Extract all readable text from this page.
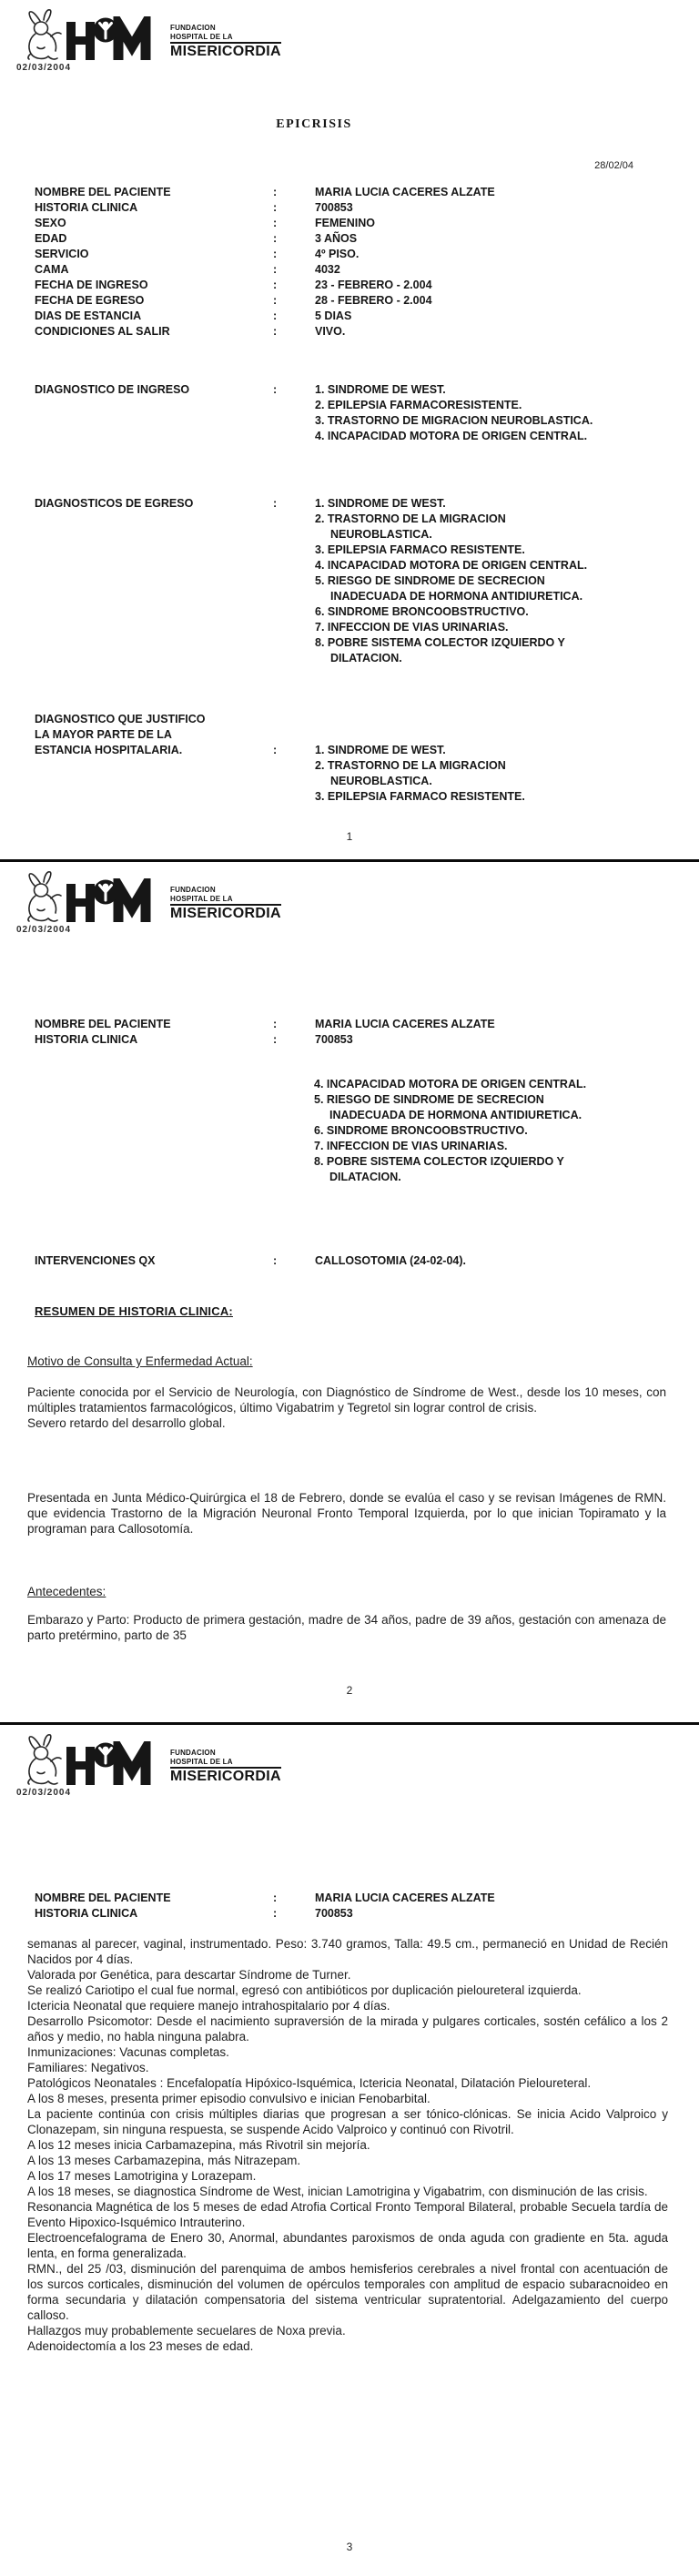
FUNDACION
HOSPITAL DE LA
MISERICORDIA
02/03/2004
EPICRISIS
28/02/04
NOMBRE DEL PACIENTE	:	MARIA LUCIA CACERES ALZATE
HISTORIA CLINICA	:	700853
SEXO	:	FEMENINO
EDAD	:	3 AÑOS
SERVICIO	:	4º PISO.
CAMA	:	4032
FECHA DE INGRESO	:	23 - FEBRERO - 2.004
FECHA DE EGRESO	:	28 - FEBRERO - 2.004
DIAS DE ESTANCIA	:	5 DIAS
CONDICIONES AL SALIR	:	VIVO.
DIAGNOSTICO DE INGRESO	:	1. SINDROME DE WEST.
2. EPILEPSIA FARMACORESISTENTE.
3. TRASTORNO DE MIGRACION NEUROBLASTICA.
4. INCAPACIDAD MOTORA DE ORIGEN CENTRAL.
DIAGNOSTICOS DE EGRESO	:	1. SINDROME DE WEST.
2. TRASTORNO DE LA MIGRACION NEUROBLASTICA.
3. EPILEPSIA FARMACO RESISTENTE.
4. INCAPACIDAD MOTORA DE ORIGEN CENTRAL.
5. RIESGO DE SINDROME DE SECRECION INADECUADA DE HORMONA ANTIDIURETICA.
6. SINDROME BRONCOOBSTRUCTIVO.
7. INFECCION DE VIAS URINARIAS.
8. POBRE SISTEMA COLECTOR IZQUIERDO Y DILATACION.
DIAGNOSTICO QUE JUSTIFICO
LA MAYOR PARTE DE LA
ESTANCIA HOSPITALARIA.	:	1. SINDROME DE WEST.
2. TRASTORNO DE LA MIGRACION NEUROBLASTICA.
3. EPILEPSIA FARMACO RESISTENTE.
1
FUNDACION
HOSPITAL DE LA
MISERICORDIA
02/03/2004
NOMBRE DEL PACIENTE	:	MARIA LUCIA CACERES ALZATE
HISTORIA CLINICA	:	700853
4. INCAPACIDAD MOTORA DE ORIGEN CENTRAL.
5. RIESGO DE SINDROME DE SECRECION INADECUADA DE HORMONA ANTIDIURETICA.
6. SINDROME BRONCOOBSTRUCTIVO.
7. INFECCION DE VIAS URINARIAS.
8. POBRE SISTEMA COLECTOR IZQUIERDO Y DILATACION.
INTERVENCIONES QX	:	CALLOSOTOMIA (24-02-04).
RESUMEN DE HISTORIA CLINICA:
Motivo de Consulta y Enfermedad Actual:

Paciente conocida por el Servicio de Neurología, con Diagnóstico de Síndrome de West., desde los 10 meses, con múltiples tratamientos farmacológicos, último Vigabatrim y Tegretol sin lograr control de crisis.

Severo retardo del desarrollo global.

Presentada en Junta Médico-Quirúrgica el 18 de Febrero, donde se evalúa el caso y se revisan Imágenes de RMN. que evidencia Trastorno de la Migración Neuronal Fronto Temporal Izquierda, por lo que inician Topiramato y la programan para Callosotomía.

Antecedentes:

Embarazo y Parto: Producto de primera gestación, madre de 34 años, padre de 39 años, gestación con amenaza de parto pretérmino, parto de 35

2
FUNDACION
HOSPITAL DE LA
MISERICORDIA
02/03/2004
NOMBRE DEL PACIENTE	:	MARIA LUCIA CACERES ALZATE
HISTORIA CLINICA	:	700853

semanas al parecer, vaginal, instrumentado. Peso: 3.740 gramos, Talla: 49.5 cm., permaneció en Unidad de Recién Nacidos por 4 días.

Valorada por Genética, para descartar Síndrome de Turner.

Se realizó Cariotipo el cual fue normal, egresó con antibióticos por duplicación pieloureteral izquierda.

Ictericia Neonatal que requiere manejo intrahospitalario por 4 días.

Desarrollo Psicomotor: Desde el nacimiento supraversión de la mirada y pulgares corticales, sostén cefálico a los 2 años y medio, no habla ninguna palabra.

Inmunizaciones: Vacunas completas.

Familiares: Negativos.

Patológicos Neonatales : Encefalopatía Hipóxico-Isquémica, Ictericia Neonatal, Dilatación Pieloureteral.

A los 8 meses, presenta primer episodio convulsivo e inician Fenobarbital.

La paciente continúa con crisis múltiples diarias que progresan a ser tónico-clónicas. Se inicia Acido Valproico y Clonazepam, sin ninguna respuesta, se suspende Acido Valproico y continuó con Rivotril.

A los 12 meses inicia Carbamazepina, más Rivotril sin mejoría.

A los 13 meses Carbamazepina, más Nitrazepam.

A los 17 meses Lamotrigina y Lorazepam.

A los 18 meses, se diagnostica Síndrome de West, inician Lamotrigina y Vigabatrim, con disminución de las crisis.

Resonancia Magnética de los 5 meses de edad Atrofia Cortical Fronto Temporal Bilateral, probable Secuela tardía de Evento Hipoxico-Isquémico Intrauterino.

Electroencefalograma de Enero 30, Anormal, abundantes paroxismos de onda aguda con gradiente en 5ta. aguda lenta, en forma generalizada.

RMN., del 25 /03, disminución del parenquima de ambos hemisferios cerebrales a nivel frontal con acentuación de los surcos corticales, disminución del volumen de opérculos temporales con amplitud de espacio subaracnoideo en forma secundaria y dilatación compensatoria del sistema ventricular supratentorial. Adelgazamiento del cuerpo calloso.

Hallazgos muy probablemente secuelares de Noxa previa.

Adenoidectomía a los 23 meses de edad.

3
